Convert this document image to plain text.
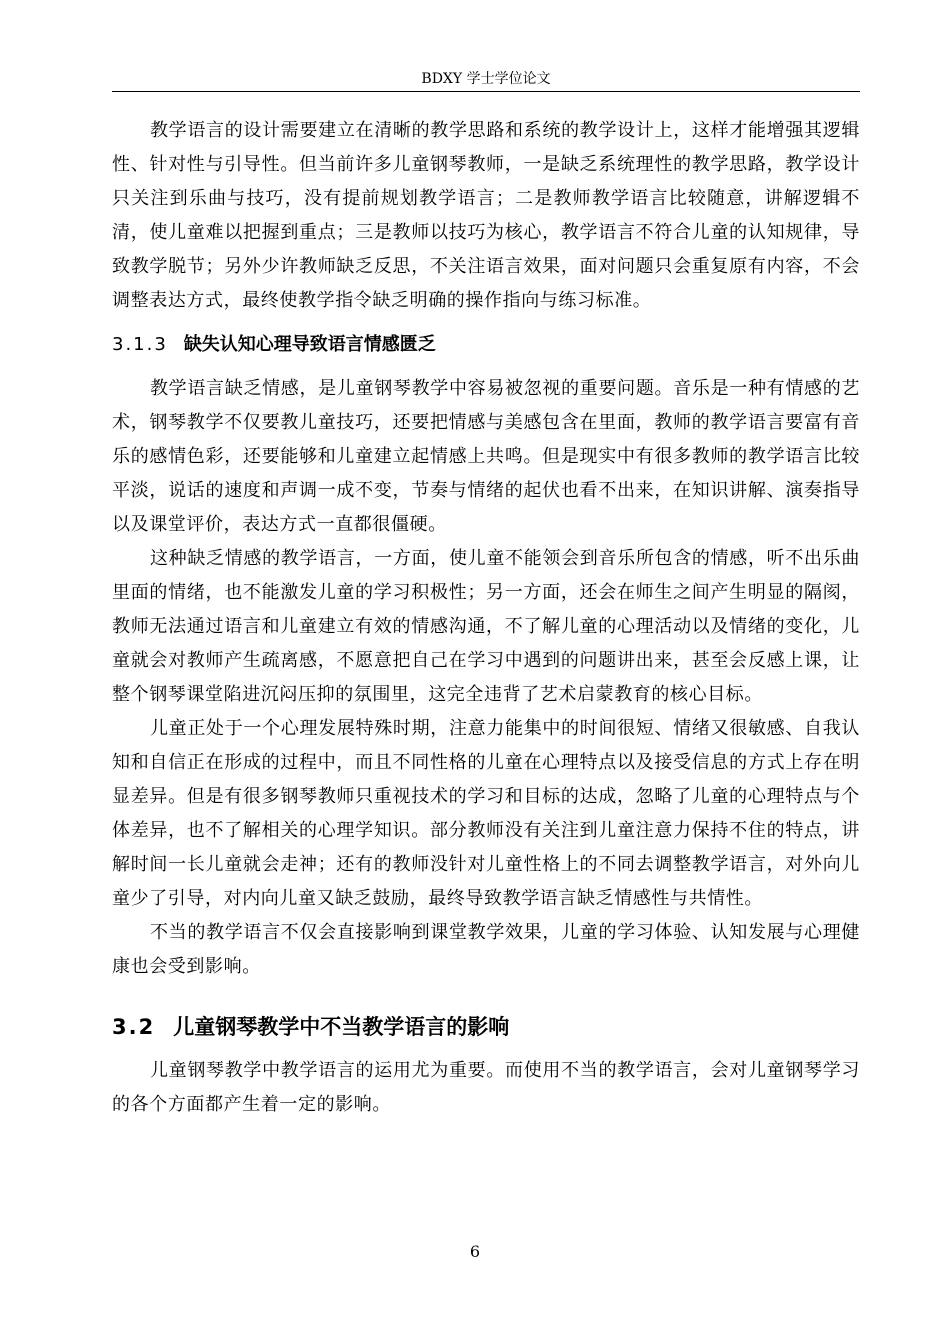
BDXY 学士学位论文

教学语言的设计需要建立在清晰的教学思路和系统的教学设计上，这样才能增强其逻辑性、针对性与引导性。但当前许多儿童钢琴教师，一是缺乏系统理性的教学思路，教学设计只关注到乐曲与技巧，没有提前规划教学语言；二是教师教学语言比较随意，讲解逻辑不清，使儿童难以把握到重点；三是教师以技巧为核心，教学语言不符合儿童的认知规律，导致教学脱节；另外少许教师缺乏反思，不关注语言效果，面对问题只会重复原有内容，不会调整表达方式，最终使教学指令缺乏明确的操作指向与练习标准。

3.1.3 缺失认知心理导致语言情感匮乏

教学语言缺乏情感，是儿童钢琴教学中容易被忽视的重要问题。音乐是一种有情感的艺术，钢琴教学不仅要教儿童技巧，还要把情感与美感包含在里面，教师的教学语言要富有音乐的感情色彩，还要能够和儿童建立起情感上共鸣。但是现实中有很多教师的教学语言比较平淡，说话的速度和声调一成不变，节奏与情绪的起伏也看不出来，在知识讲解、演奏指导以及课堂评价，表达方式一直都很僵硬。

这种缺乏情感的教学语言，一方面，使儿童不能领会到音乐所包含的情感，听不出乐曲里面的情绪，也不能激发儿童的学习积极性；另一方面，还会在师生之间产生明显的隔阂，教师无法通过语言和儿童建立有效的情感沟通，不了解儿童的心理活动以及情绪的变化，儿童就会对教师产生疏离感，不愿意把自己在学习中遇到的问题讲出来，甚至会反感上课，让整个钢琴课堂陷进沉闷压抑的氛围里，这完全违背了艺术启蒙教育的核心目标。

儿童正处于一个心理发展特殊时期，注意力能集中的时间很短、情绪又很敏感、自我认知和自信正在形成的过程中，而且不同性格的儿童在心理特点以及接受信息的方式上存在明显差异。但是有很多钢琴教师只重视技术的学习和目标的达成，忽略了儿童的心理特点与个体差异，也不了解相关的心理学知识。部分教师没有关注到儿童注意力保持不住的特点，讲解时间一长儿童就会走神；还有的教师没针对儿童性格上的不同去调整教学语言，对外向儿童少了引导，对内向儿童又缺乏鼓励，最终导致教学语言缺乏情感性与共情性。

不当的教学语言不仅会直接影响到课堂教学效果，儿童的学习体验、认知发展与心理健康也会受到影响。

3.2 儿童钢琴教学中不当教学语言的影响

儿童钢琴教学中教学语言的运用尤为重要。而使用不当的教学语言，会对儿童钢琴学习的各个方面都产生着一定的影响。

6
